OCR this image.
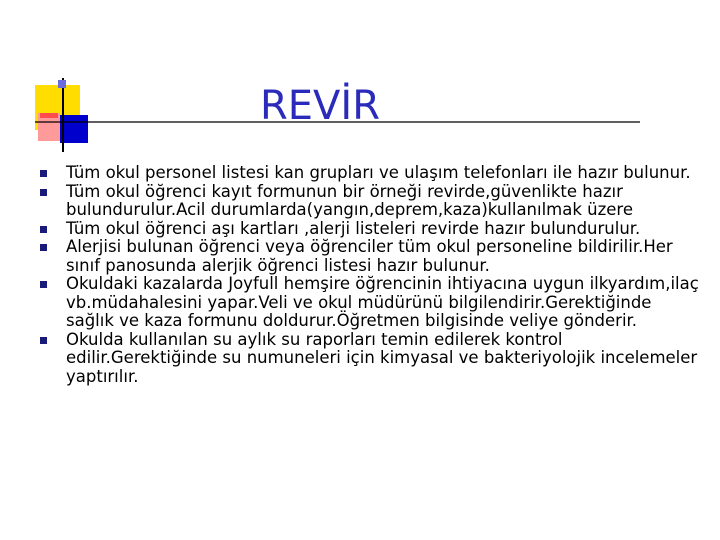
REVİR
Tüm okul personel listesi kan grupları ve ulaşım telefonları ile hazır bulunur.
Tüm okul öğrenci kayıt formunun bir örneği revirde,güvenlikte hazır bulundurulur.Acil durumlarda(yangın,deprem,kaza)kullanılmak üzere
Tüm okul öğrenci aşı kartları ,alerji listeleri revirde hazır bulundurulur.
Alerjisi bulunan öğrenci veya öğrenciler tüm okul personeline bildirilir.Her sınıf panosunda alerjik öğrenci listesi hazır bulunur.
Okuldaki kazalarda Joyfull hemşire öğrencinin ihtiyacına uygun ilkyardım,ilaç vb.müdahalesini yapar.Veli ve okul müdürünü bilgilendirir.Gerektiğinde sağlık ve kaza formunu doldurur.Öğretmen bilgisinde veliye gönderir.
Okulda kullanılan su aylık su raporları temin edilerek kontrol edilir.Gerektiğinde su numuneleri için kimyasal ve bakteriyolojik incelemeler yaptırılır.
